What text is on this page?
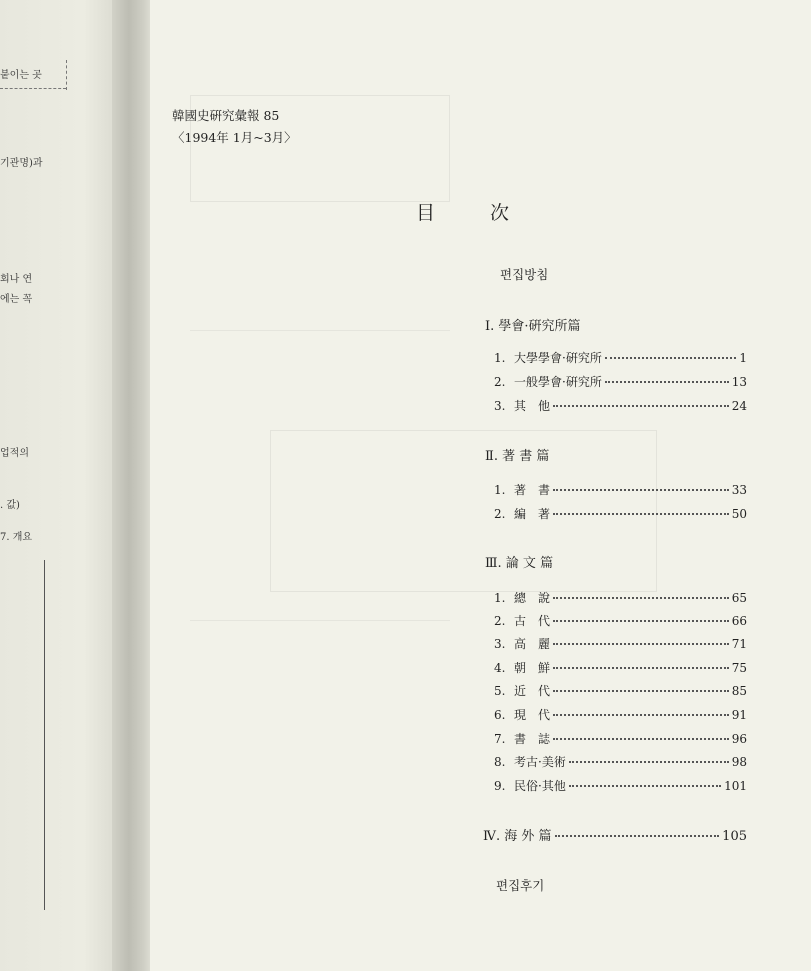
붙이는 곳
기관명)과
회나 연
에는 꼭
업적의
. 값)
7. 개요
韓國史硏究彙報 85
〈1994年 1月~3月〉
目	次
편집방침
Ⅰ. 學會·硏究所篇
1. 大學學會·硏究所	1
2. 一般學會·硏究所	13
3. 其　他	24
Ⅱ. 著 書 篇
1. 著　書	33
2. 編　著	50
Ⅲ. 論 文 篇
1. 總　說	65
2. 古　代	66
3. 高　麗	71
4. 朝　鮮	75
5. 近　代	85
6. 現　代	91
7. 書　誌	96
8. 考古·美術	98
9. 民俗·其他	101
Ⅳ. 海 外 篇	105
편집후기
